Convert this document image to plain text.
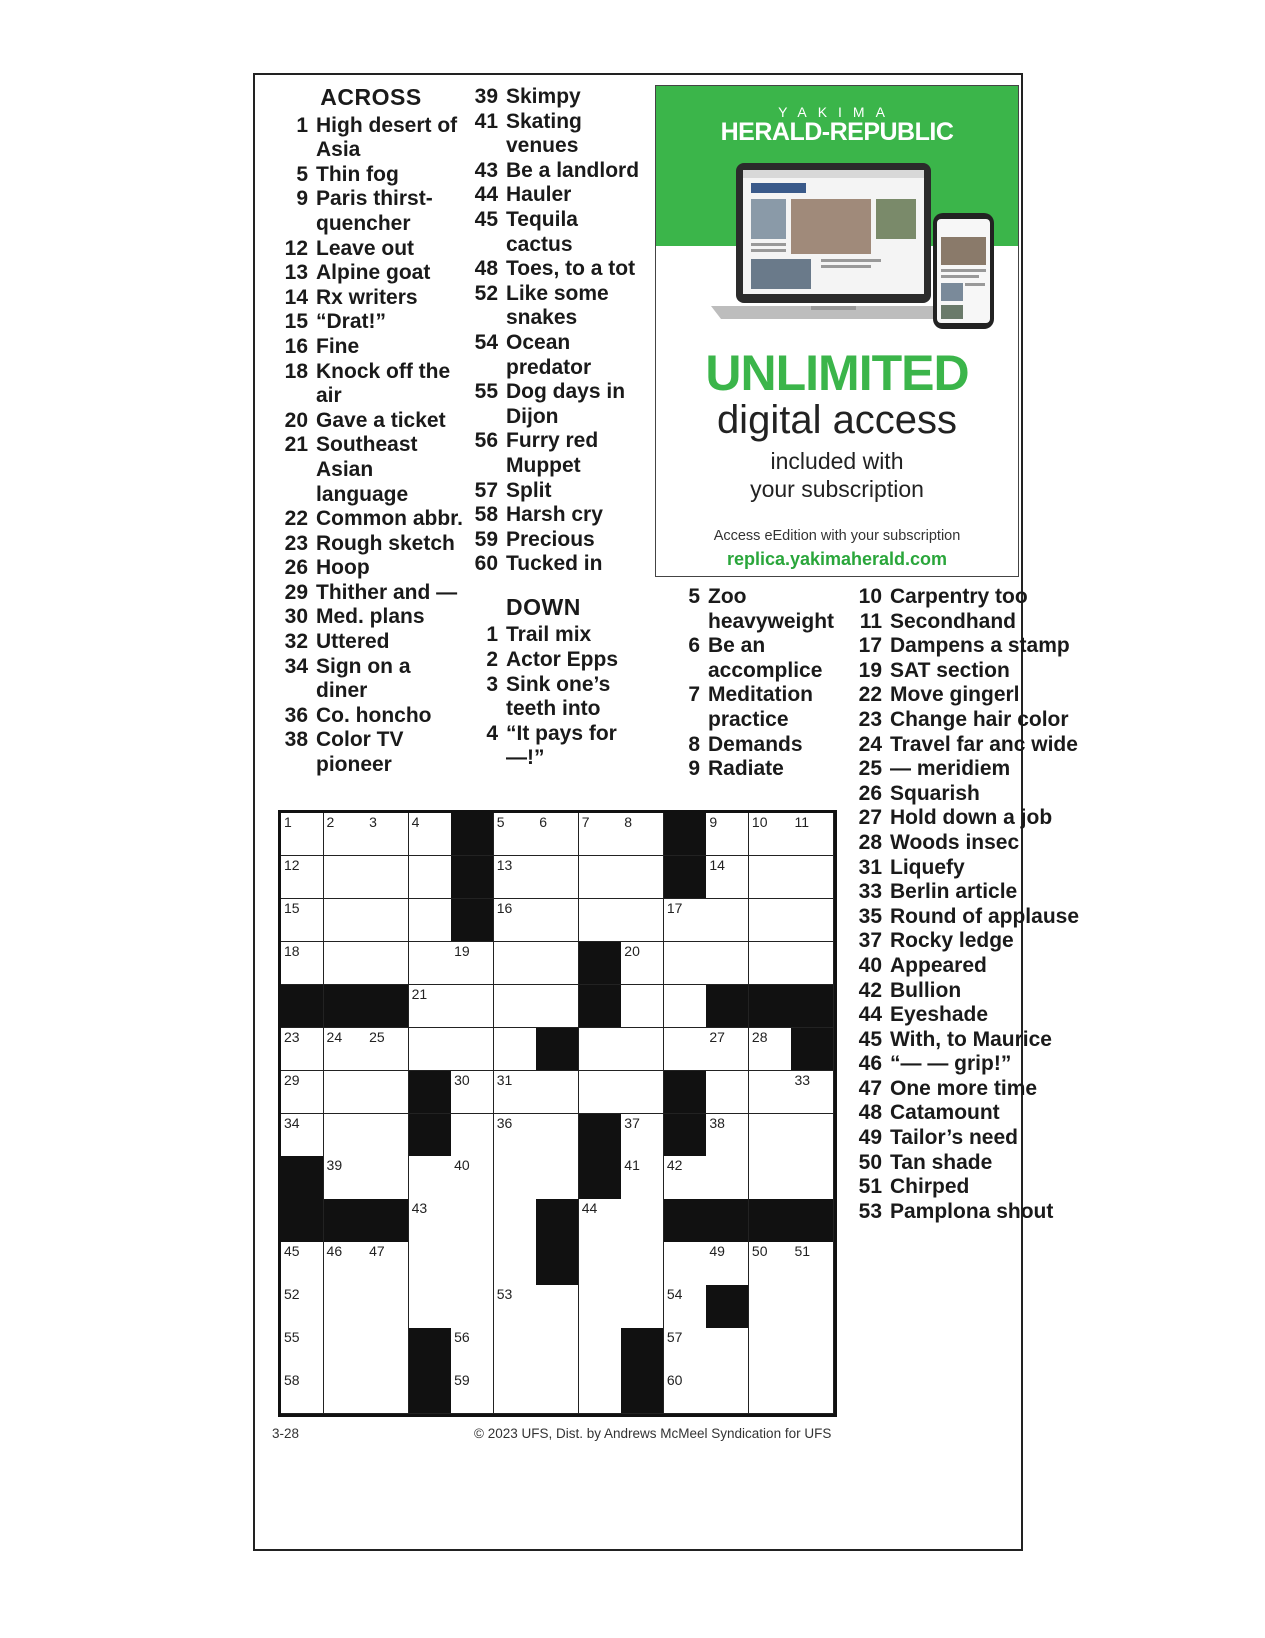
ACROSS
1 High desert of Asia
5 Thin fog
9 Paris thirst-quencher
12 Leave out
13 Alpine goat
14 Rx writers
15 “Drat!”
16 Fine
18 Knock off the air
20 Gave a ticket
21 Southeast Asian language
22 Common abbr.
23 Rough sketch
26 Hoop
29 Thither and —
30 Med. plans
32 Uttered
34 Sign on a diner
36 Co. honcho
38 Color TV pioneer
39 Skimpy
41 Skating venues
43 Be a landlord
44 Hauler
45 Tequila cactus
48 Toes, to a tot
52 Like some snakes
54 Ocean predator
55 Dog days in Dijon
56 Furry red Muppet
57 Split
58 Harsh cry
59 Precious
60 Tucked in
DOWN
1 Trail mix
2 Actor Epps
3 Sink one’s teeth into
4 “It pays for —!”
5 Zoo heavyweight
6 Be an accomplice
7 Meditation practice
8 Demands
9 Radiate
10 Carpentry too
11 Secondhand
17 Dampens a stamp
19 SAT section
22 Move gingerl
23 Change hair color
24 Travel far anc wide
25 — meridiem
26 Squarish
27 Hold down a job
28 Woods insec
31 Liquefy
33 Berlin article
35 Round of applause
37 Rocky ledge
40 Appeared
42 Bullion
44 Eyeshade
45 With, to Maurice
46 “— — grip!”
47 One more time
48 Catamount
49 Tailor’s need
50 Tan shade
51 Chirped
53 Pamplona shout
YAKIMA
HERALD-REPUBLIC
UNLIMITED
digital access
included with
your subscription
Access eEdition with your subscription
replica.yakimaherald.com
1 2 3 4	5 6 7 8	9 10 11
12	13	14
15	16	17
18	19	20
21
23 24 25	27 28
29	30 31	33
34	36	37	38
39	40	41 42
43	44
45 46 47	49 50 51
52	53	54
55	56	57
58	59	60
3-28	© 2023 UFS, Dist. by Andrews McMeel Syndication for UFS
